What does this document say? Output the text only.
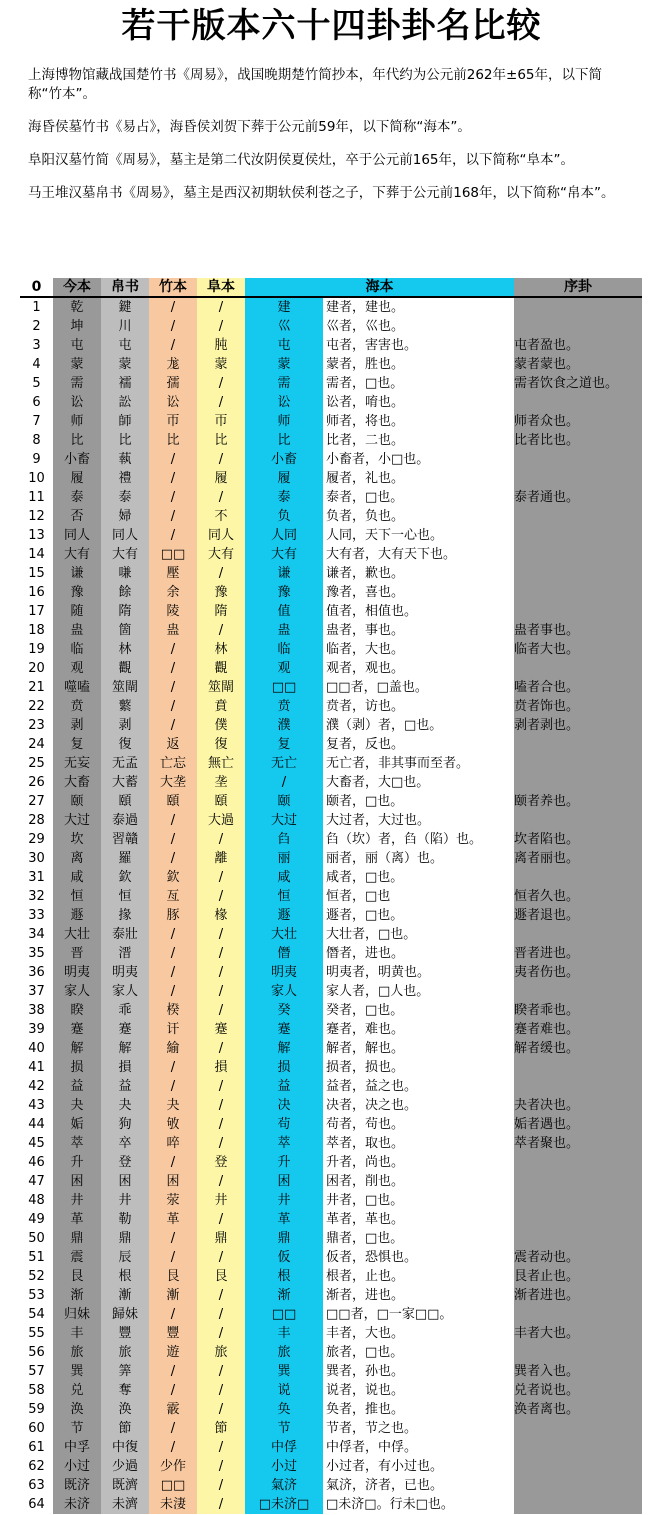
若干版本六十四卦卦名比较

上海博物馆藏战国楚竹书《周易》，战国晚期楚竹简抄本，年代约为公元前262年±65年，以下简称“竹本”。

海昏侯墓竹书《易占》，海昏侯刘贺下葬于公元前59年，以下简称“海本”。

阜阳汉墓竹简《周易》，墓主是第二代汝阴侯夏侯灶，卒于公元前165年，以下简称“阜本”。

马王堆汉墓帛书《周易》，墓主是西汉初期轪侯利苍之子，下葬于公元前168年，以下简称“帛本”。

0	今本	帛书	竹本	阜本	海本		序卦
1	乾	鍵	/	/	建	建者，建也。	
2	坤	川	/	/	巛	巛者，巛也。	
3	屯	屯	/	肫	屯	屯者，害害也。	屯者盈也。
4	蒙	蒙	尨	蒙	蒙	蒙者，胜也。	蒙者蒙也。
5	需	襦	孺	/	需	需者，□也。	需者饮食之道也。
6	讼	訟	讼	/	讼	讼者，唷也。	
7	师	師	帀	帀	师	师者，将也。	师者众也。
8	比	比	比	比	比	比者，二也。	比者比也。
9	小畜	蓻	/	/	小畜	小畜者，小□也。	
10	履	禮	/	履	履	履者，礼也。	
11	泰	泰	/	/	泰	泰者，□也。	泰者通也。
12	否	婦	/	不	负	负者，负也。	
13	同人	同人	/	同人	人同	人同，天下一心也。	
14	大有	大有	□□	大有	大有	大有者，大有天下也。	
15	谦	嗛	壓	/	谦	谦者，歉也。	
16	豫	餘	余	豫	豫	豫者，喜也。	
17	随	隋	陵	隋	值	值者，相值也。	
18	蛊	箇	蛊	/	蛊	蛊者，事也。	蛊者事也。
19	临	林	/	林	临	临者，大也。	临者大也。
20	观	觀	/	觀	观	观者，观也。	
21	噬嗑	筮閘	/	筮閘	□□	□□者，□盖也。	嗑者合也。
22	贲	蘩	/	賁	贲	贲者，访也。	贲者饰也。
23	剥	剥	/	僕	濮	濮（剥）者，□也。	剥者剥也。
24	复	復	返	復	复	复者，反也。	
25	无妄	无孟	亡忘	無亡	无亡	无亡者，非其事而至者。	
26	大畜	大蓄	大垄	垄	/	大畜者，大□也。	
27	颐	頤	頤	頤	颐	颐者，□也。	颐者养也。
28	大过	泰過	/	大過	大过	大过者，大过也。	
29	坎	習贛	/	/	臽	臽（坎）者，臽（陷）也。	坎者陷也。
30	离	羅	/	離	丽	丽者，丽（离）也。	离者丽也。
31	咸	欽	欽	/	咸	咸者，□也。	
32	恒	恒	亙	/	恒	恒者，□也	恒者久也。
33	遯	掾	豚	椽	遯	遯者，□也。	遯者退也。
34	大壮	泰壯	/	/	大壮	大壮者，□也。	
35	晋	溍	/	/	僭	僭者，进也。	晋者进也。
36	明夷	明夷	/	/	明夷	明夷者，明黄也。	夷者伤也。
37	家人	家人	/	/	家人	家人者，□人也。	
38	睽	乖	楑	/	癸	癸者，□也。	睽者乖也。
39	蹇	蹇	讦	蹇	蹇	蹇者，难也。	蹇者难也。
40	解	解	緰	/	解	解者，解也。	解者缓也。
41	损	損	/	損	损	损者，损也。	
42	益	益	/	/	益	益者，益之也。	
43	夬	夬	夬	/	决	决者，决之也。	夬者决也。
44	姤	狗	敂	/	茍	茍者，茍也。	姤者遇也。
45	萃	卒	啐	/	萃	萃者，取也。	萃者聚也。
46	升	登	/	登	升	升者，尚也。	
47	困	困	困	/	困	困者，削也。	
48	井	井	荥	井	井	井者，□也。	
49	革	勒	革	/	革	革者，革也。	
50	鼎	鼎	/	鼎	鼎	鼎者，□也。	
51	震	辰	/	/	仮	仮者，恐惧也。	震者动也。
52	艮	根	艮	艮	根	根者，止也。	艮者止也。
53	渐	漸	漸	/	渐	渐者，进也。	渐者进也。
54	归妹	歸妹	/	/	□□	□□者，□一家□□。	
55	丰	豐	豐	/	丰	丰者，大也。	丰者大也。
56	旅	旅	遊	旅	旅	旅者，□也。	
57	巽	筭	/	/	巽	巽者，孙也。	巽者入也。
58	兑	奪	/	/	说	说者，说也。	兑者说也。
59	涣	涣	霰	/	奂	奂者，推也。	涣者离也。
60	节	節	/	節	节	节者，节之也。	
61	中孚	中復	/	/	中俘	中俘者，中俘。	
62	小过	少過	少作	/	小过	小过者，有小过也。	
63	既济	既濟	□□	/	氣济	氣济，济者，已也。	
64	未济	未濟	未淒	/	□未济□	□未济□。行未□也。	
